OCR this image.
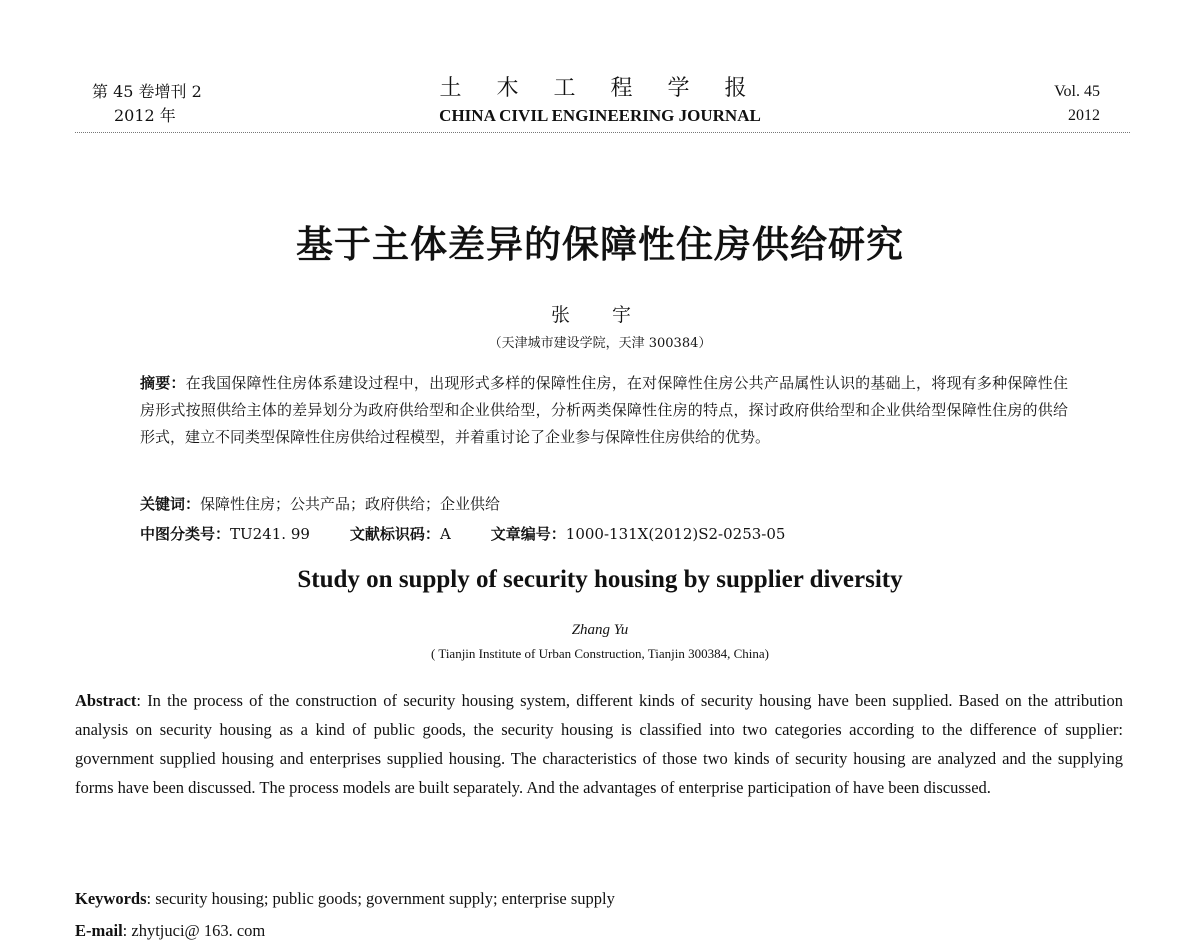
第 45 卷增刊 2
2012 年
土 木 工 程 学 报
CHINA CIVIL ENGINEERING JOURNAL
Vol. 45
2012
基于主体差异的保障性住房供给研究
张 宇
（天津城市建设学院，天津 300384）
摘要：在我国保障性住房体系建设过程中，出现形式多样的保障性住房，在对保障性住房公共产品属性认识的基础上，将现有多种保障性住房形式按照供给主体的差异划分为政府供给型和企业供给型，分析两类保障性住房的特点，探讨政府供给型和企业供给型保障性住房的供给形式，建立不同类型保障性住房供给过程模型，并着重讨论了企业参与保障性住房供给的优势。
关键词：保障性住房；公共产品；政府供给；企业供给
中图分类号：TU241. 99	文献标识码：A	文章编号：1000-131X(2012)S2-0253-05
Study on supply of security housing by supplier diversity
Zhang Yu
( Tianjin Institute of Urban Construction, Tianjin 300384, China)
Abstract: In the process of the construction of security housing system, different kinds of security housing have been supplied. Based on the attribution analysis on security housing as a kind of public goods, the security housing is classified into two categories according to the difference of supplier: government supplied housing and enterprises supplied housing. The characteristics of those two kinds of security housing are analyzed and the supplying forms have been discussed. The process models are built separately. And the advantages of enterprise participation of have been discussed.
Keywords: security housing; public goods; government supply; enterprise supply
E-mail: zhytjuci@ 163. com
